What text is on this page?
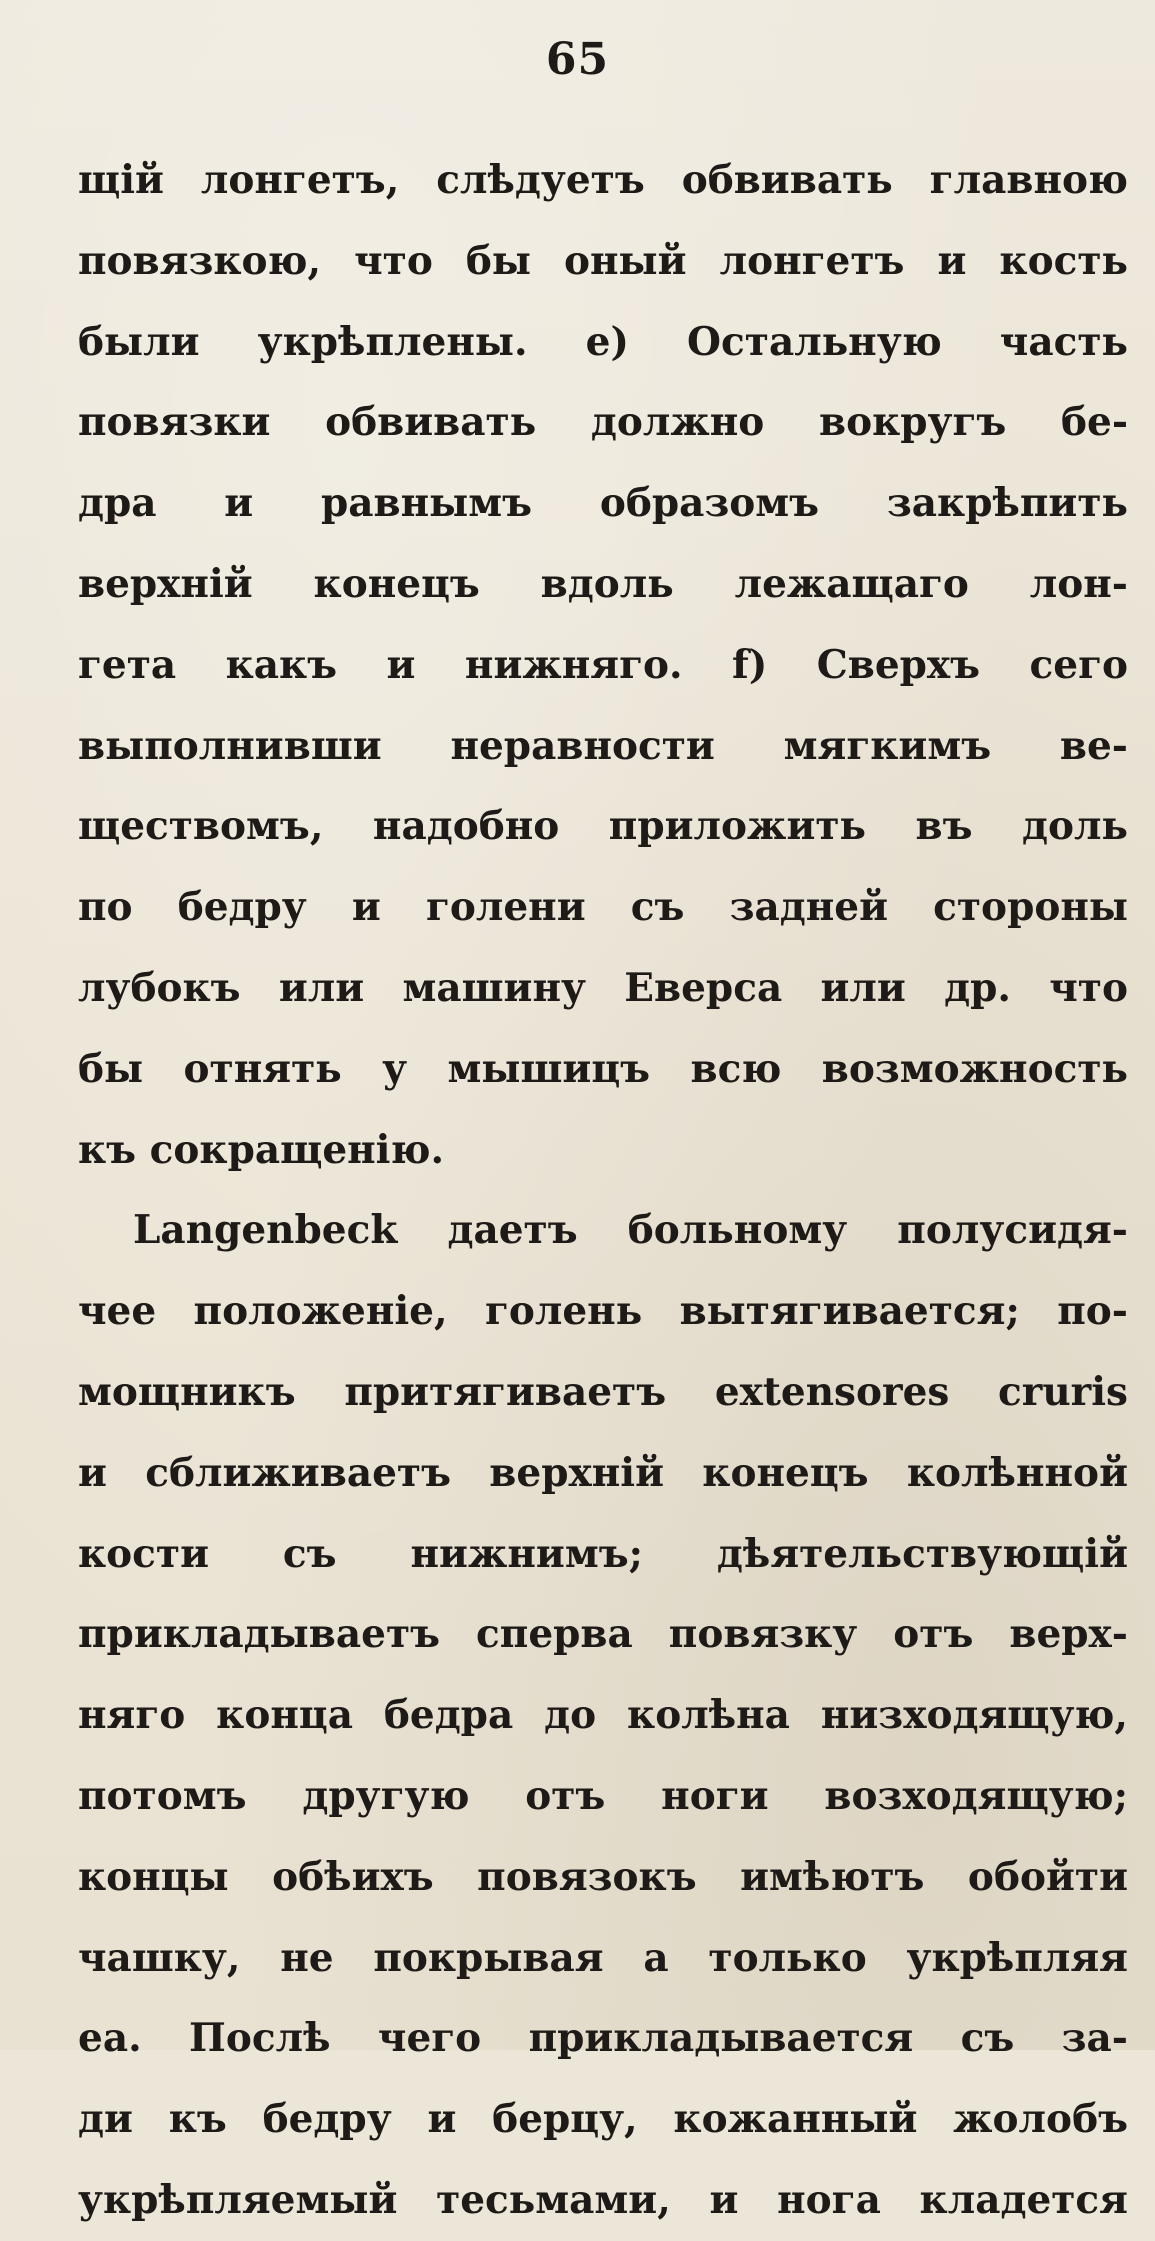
65
щій лонгетъ, слѣдуетъ обвивать главною
повязкою, что бы оный лонгетъ и кость
были укрѣплены. е) Остальную часть
повязки обвивать должно вокругъ бе-
дра и равнымъ образомъ закрѣпить
верхній конецъ вдоль лежащаго лон-
гета какъ и нижняго. f) Сверхъ сего
выполнивши неравности мягкимъ ве-
ществомъ, надобно приложить въ доль
по бедру и голени съ задней стороны
лубокъ или машину Еверса или др. что
бы отнять у мышицъ всю возможность
къ сокращенію.
Langenbeck даетъ больному полусидя-
чее положеніе, голень вытягивается; по-
мощникъ притягиваетъ extensores cruris
и сближиваетъ верхній конецъ колѣнной
кости съ нижнимъ; дѣятельствующій
прикладываетъ сперва повязку отъ верх-
няго конца бедра до колѣна низходящую,
потомъ другую отъ ноги возходящую;
концы обѣихъ повязокъ имѣютъ обойти
чашку, не покрывая а только укрѣпляя
еа. Послѣ чего прикладывается съ за-
ди къ бедру и берцу, кожанный жолобъ
укрѣпляемый тесьмами, и нога кладется
